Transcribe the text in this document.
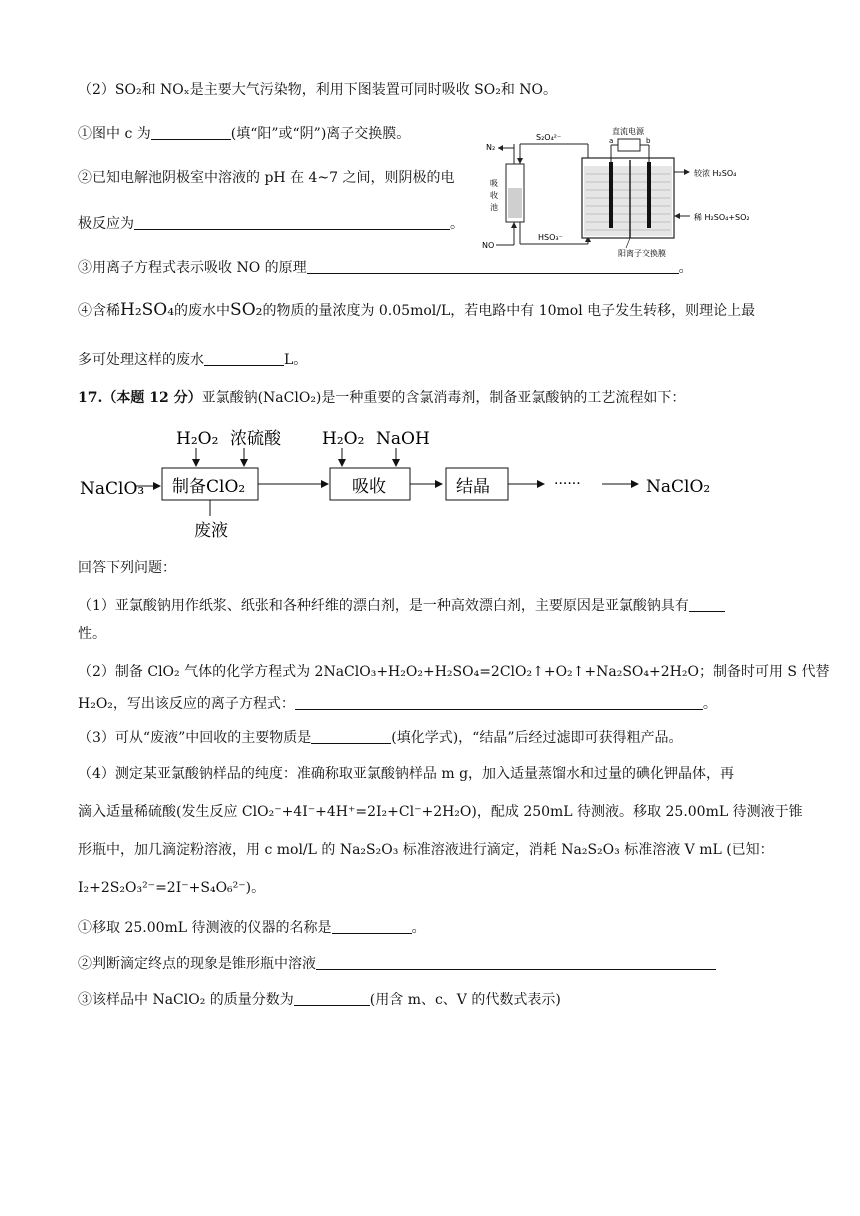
（2）SO₂和 NOₓ是主要大气污染物，利用下图装置可同时吸收 SO₂和 NO。
①图中 c 为	(填“阳”或“阴”)离子交换膜。
②已知电解池阴极室中溶液的 pH 在 4~7 之间，则阴极的电
极反应为	。
③用离子方程式表示吸收 NO 的原理	。
④含稀H₂SO₄的废水中SO₂的物质的量浓度为 0.05mol/L，若电路中有 10mol 电子发生转移，则理论上最
多可处理这样的废水	L。
N₂
吸
收
池
NO
S₂O₄²⁻
HSO₃⁻
直流电源
a	b
较浓 H₂SO₄
稀 H₂SO₄+SO₂
阳离子交换膜
17.（本题 12 分）亚氯酸钠(NaClO₂)是一种重要的含氯消毒剂，制备亚氯酸钠的工艺流程如下：
NaClO₃ 制备ClO₂
H₂O₂ 浓硫酸
废液
吸收
H₂O₂ NaOH
结晶	······	NaClO₂
回答下列问题：
（1）亚氯酸钠用作纸浆、纸张和各种纤维的漂白剂，是一种高效漂白剂，主要原因是亚氯酸钠具有
性。
（2）制备 ClO₂ 气体的化学方程式为 2NaClO₃+H₂O₂+H₂SO₄=2ClO₂↑+O₂↑+Na₂SO₄+2H₂O；制备时可用 S 代替
H₂O₂，写出该反应的离子方程式：	。
（3）可从“废液”中回收的主要物质是	(填化学式)，“结晶”后经过滤即可获得粗产品。
（4）测定某亚氯酸钠样品的纯度：准确称取亚氯酸钠样品 m g，加入适量蒸馏水和过量的碘化钾晶体，再
滴入适量稀硫酸(发生反应 ClO₂⁻+4I⁻+4H⁺=2I₂+Cl⁻+2H₂O)，配成 250mL 待测液。移取 25.00mL 待测液于锥
形瓶中，加几滴淀粉溶液，用 c mol/L 的 Na₂S₂O₃ 标准溶液进行滴定，消耗 Na₂S₂O₃ 标准溶液 V mL (已知：
I₂+2S₂O₃²⁻=2I⁻+S₄O₆²⁻)。
①移取 25.00mL 待测液的仪器的名称是	。
②判断滴定终点的现象是锥形瓶中溶液
③该样品中 NaClO₂ 的质量分数为	(用含 m、c、V 的代数式表示)
